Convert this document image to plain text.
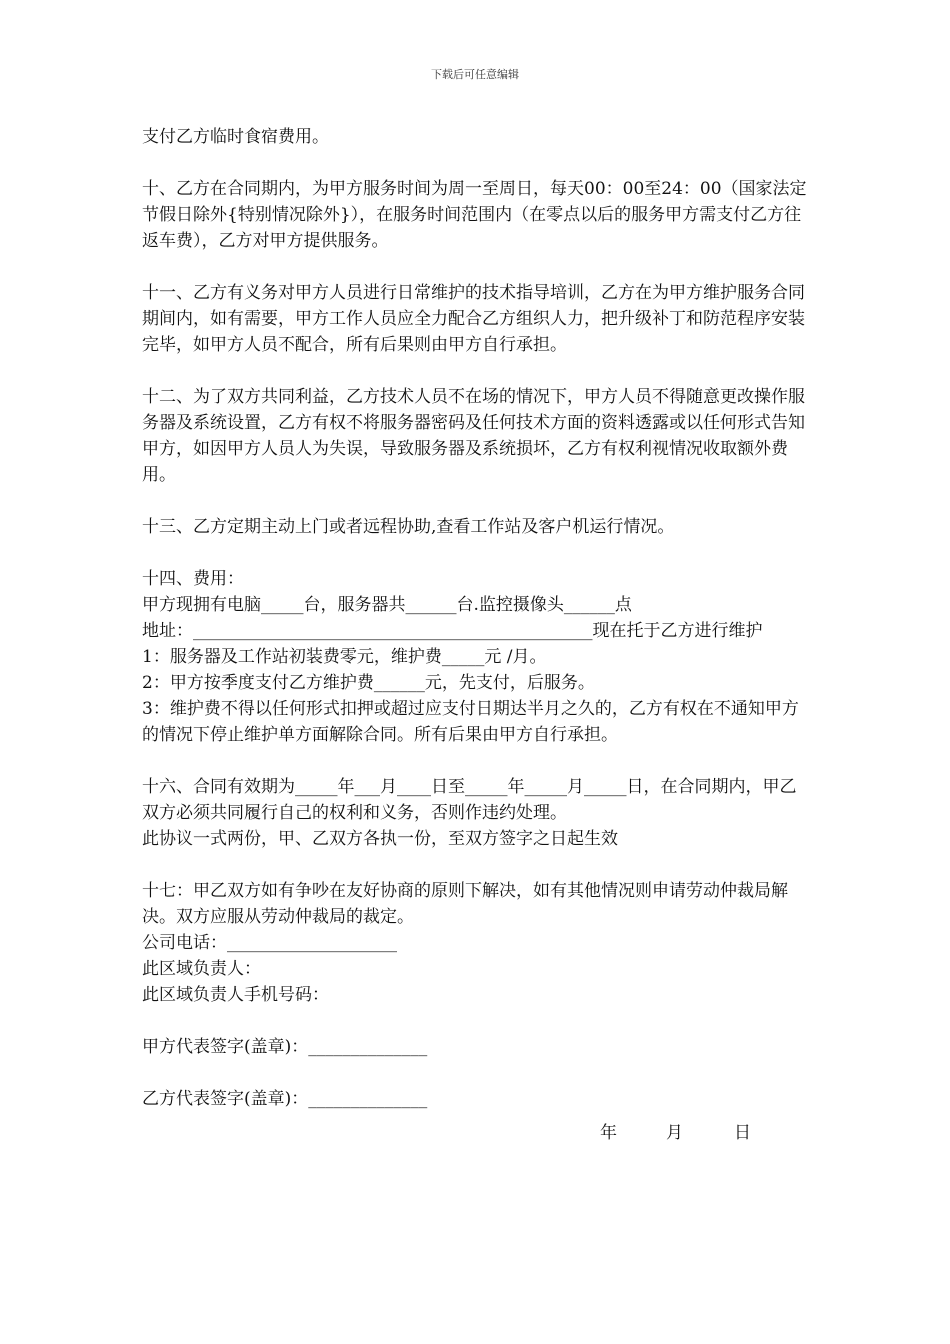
下载后可任意编辑

支付乙方临时食宿费用。

十、乙方在合同期内，为甲方服务时间为周一至周日，每天00：00至24：00（国家法定节假日除外{特别情况除外}），在服务时间范围内（在零点以后的服务甲方需支付乙方往返车费），乙方对甲方提供服务。

十一、乙方有义务对甲方人员进行日常维护的技术指导培训，乙方在为甲方维护服务合同期间内，如有需要，甲方工作人员应全力配合乙方组织人力，把升级补丁和防范程序安装完毕，如甲方人员不配合，所有后果则由甲方自行承担。

十二、为了双方共同利益，乙方技术人员不在场的情况下，甲方人员不得随意更改操作服务器及系统设置，乙方有权不将服务器密码及任何技术方面的资料透露或以任何形式告知甲方，如因甲方人员人为失误，导致服务器及系统损坏，乙方有权利视情况收取额外费用。

十三、乙方定期主动上门或者远程协助,查看工作站及客户机运行情况。

十四、费用：

甲方现拥有电脑_____台，服务器共______台.监控摄像头______点

地址：_______________________________________________现在托于乙方进行维护

1：服务器及工作站初装费零元，维护费_____元 /月。

2：甲方按季度支付乙方维护费______元，先支付，后服务。

3：维护费不得以任何形式扣押或超过应支付日期达半月之久的，乙方有权在不通知甲方的情况下停止维护单方面解除合同。所有后果由甲方自行承担。

十六、合同有效期为_____年___月____日至_____年_____月_____日，在合同期内，甲乙双方必须共同履行自己的权利和义务，否则作违约处理。

此协议一式两份，甲、乙双方各执一份，至双方签字之日起生效

十七：甲乙双方如有争吵在友好协商的原则下解决，如有其他情况则申请劳动仲裁局解决。双方应服从劳动仲裁局的裁定。

公司电话：____________________

此区域负责人：

此区域负责人手机号码：

甲方代表签字(盖章)：______________

乙方代表签字(盖章)：______________

年	月	日
